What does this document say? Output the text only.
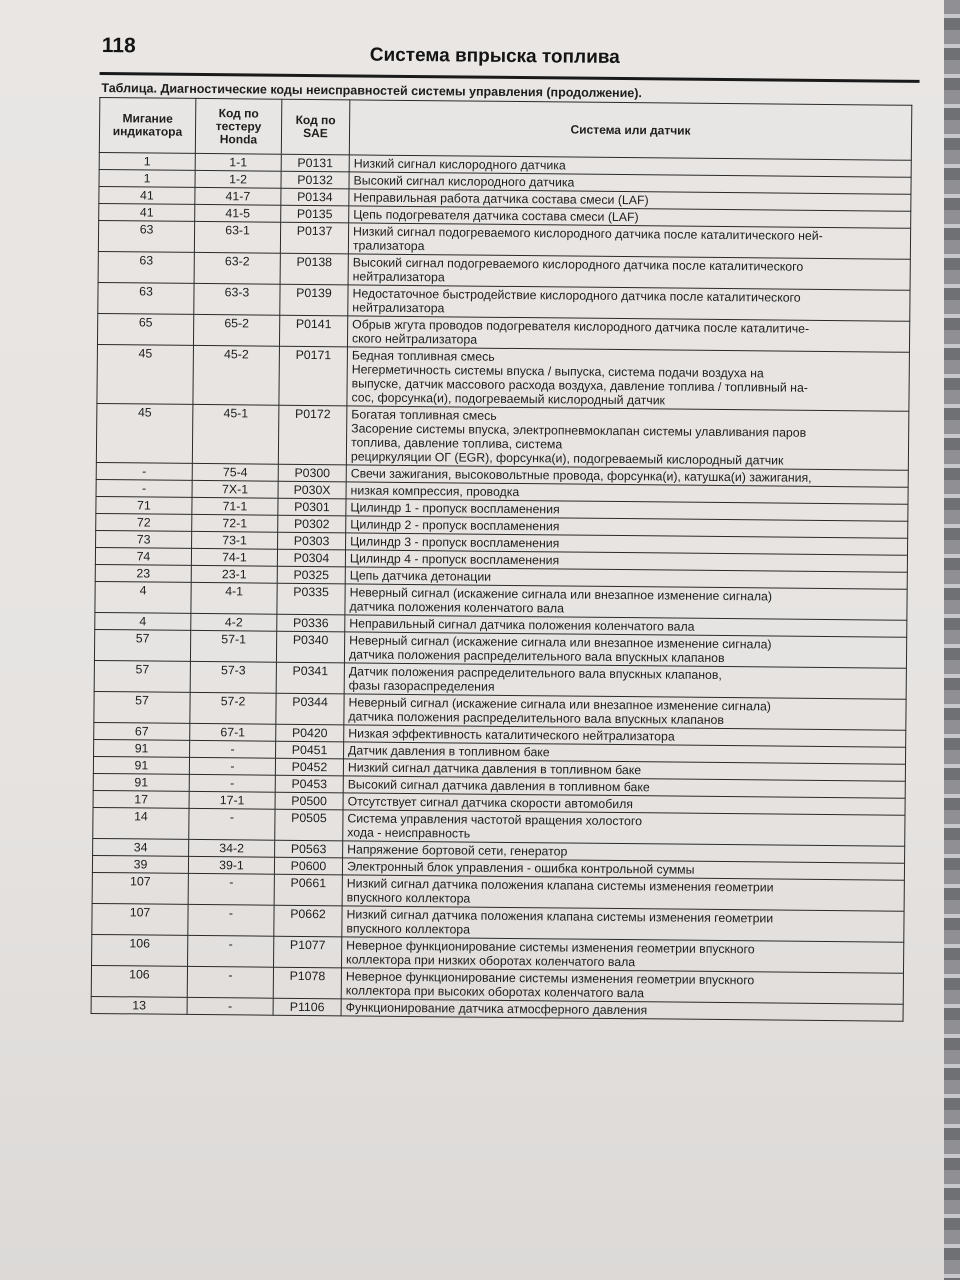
118	Система впрыска топлива
Таблица. Диагностические коды неисправностей системы управления (продолжение).
Мигание индикатора	Код по тестеру Honda	Код по SAE	Система или датчик
1	1-1	P0131	Низкий сигнал кислородного датчика
1	1-2	P0132	Высокий сигнал кислородного датчика
41	41-7	P0134	Неправильная работа датчика состава смеси (LAF)
41	41-5	P0135	Цепь подогревателя датчика состава смеси (LAF)
63	63-1	P0137	Низкий сигнал подогреваемого кислородного датчика после каталитического ней-
трализатора
63	63-2	P0138	Высокий сигнал подогреваемого кислородного датчика после каталитического
нейтрализатора
63	63-3	P0139	Недостаточное быстродействие кислородного датчика после каталитического
нейтрализатора
65	65-2	P0141	Обрыв жгута проводов подогревателя кислородного датчика после каталитиче-
ского нейтрализатора
45	45-2	P0171	Бедная топливная смесь
Негерметичность системы впуска / выпуска, система подачи воздуха на
выпуске, датчик массового расхода воздуха, давление топлива / топливный на-
сос, форсунка(и), подогреваемый кислородный датчик
45	45-1	P0172	Богатая топливная смесь
Засорение системы впуска, электропневмоклапан системы улавливания паров
топлива, давление топлива, система
рециркуляции ОГ (EGR), форсунка(и), подогреваемый кислородный датчик
-	75-4	P0300	Свечи зажигания, высоковольтные провода, форсунка(и), катушка(и) зажигания,
-	7X-1	P030X	низкая компрессия, проводка
71	71-1	P0301	Цилиндр 1 - пропуск воспламенения
72	72-1	P0302	Цилиндр 2 - пропуск воспламенения
73	73-1	P0303	Цилиндр 3 - пропуск воспламенения
74	74-1	P0304	Цилиндр 4 - пропуск воспламенения
23	23-1	P0325	Цепь датчика детонации
4	4-1	P0335	Неверный сигнал (искажение сигнала или внезапное изменение сигнала)
датчика положения коленчатого вала
4	4-2	P0336	Неправильный сигнал датчика положения коленчатого вала
57	57-1	P0340	Неверный сигнал (искажение сигнала или внезапное изменение сигнала)
датчика положения распределительного вала впускных клапанов
57	57-3	P0341	Датчик положения распределительного вала впускных клапанов,
фазы газораспределения
57	57-2	P0344	Неверный сигнал (искажение сигнала или внезапное изменение сигнала)
датчика положения распределительного вала впускных клапанов
67	67-1	P0420	Низкая эффективность каталитического нейтрализатора
91	-	P0451	Датчик давления в топливном баке
91	-	P0452	Низкий сигнал датчика давления в топливном баке
91	-	P0453	Высокий сигнал датчика давления в топливном баке
17	17-1	P0500	Отсутствует сигнал датчика скорости автомобиля
14	-	P0505	Система управления частотой вращения холостого
хода - неисправность
34	34-2	P0563	Напряжение бортовой сети, генератор
39	39-1	P0600	Электронный блок управления - ошибка контрольной суммы
107	-	P0661	Низкий сигнал датчика положения клапана системы изменения геометрии
впускного коллектора
107	-	P0662	Низкий сигнал датчика положения клапана системы изменения геометрии
впускного коллектора
106	-	P1077	Неверное функционирование системы изменения геометрии впускного
коллектора при низких оборотах коленчатого вала
106	-	P1078	Неверное функционирование системы изменения геометрии впускного
коллектора при высоких оборотах коленчатого вала
13	-	P1106	Функционирование датчика атмосферного давления
